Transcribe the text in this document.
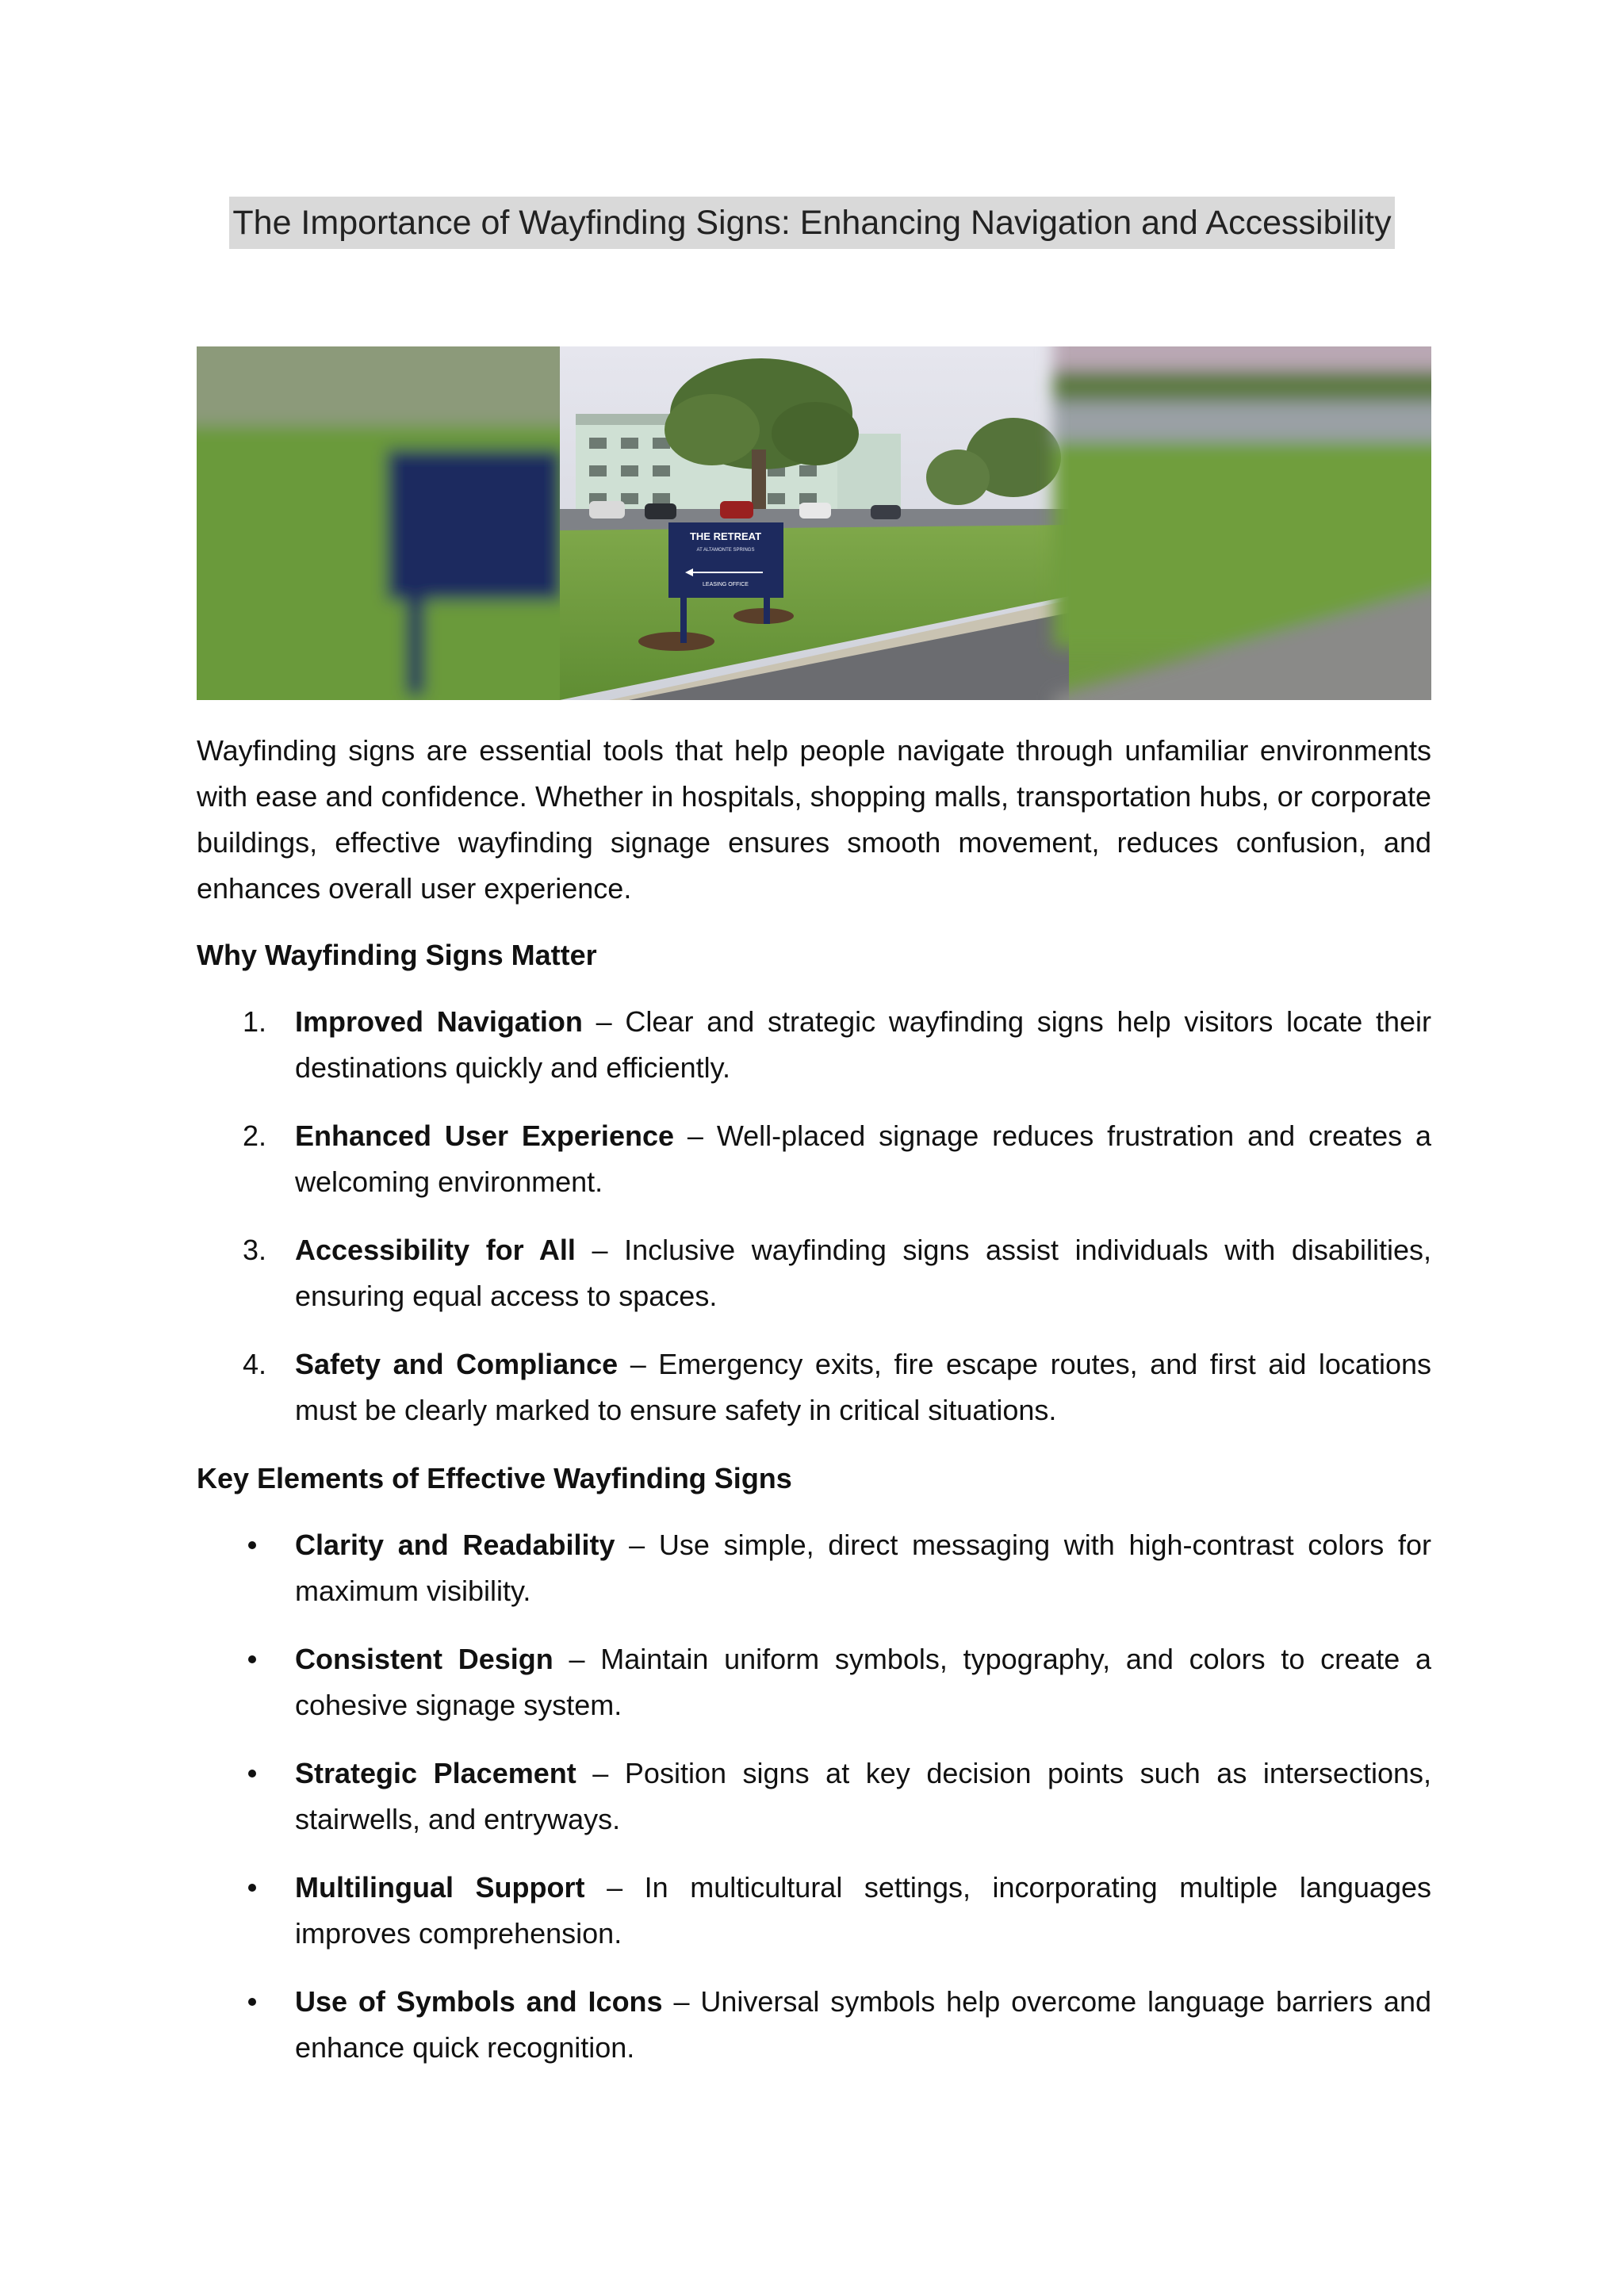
The Importance of Wayfinding Signs: Enhancing Navigation and Accessibility
THE RETREAT
AT ALTAMONTE SPRINGS
LEASING OFFICE

Wayfinding signs are essential tools that help people navigate through unfamiliar environments with ease and confidence. Whether in hospitals, shopping malls, transportation hubs, or corporate buildings, effective wayfinding signage ensures smooth movement, reduces confusion, and enhances overall user experience.

Why Wayfinding Signs Matter

1. Improved Navigation – Clear and strategic wayfinding signs help visitors locate their destinations quickly and efficiently.
2. Enhanced User Experience – Well-placed signage reduces frustration and creates a welcoming environment.
3. Accessibility for All – Inclusive wayfinding signs assist individuals with disabilities, ensuring equal access to spaces.
4. Safety and Compliance – Emergency exits, fire escape routes, and first aid locations must be clearly marked to ensure safety in critical situations.

Key Elements of Effective Wayfinding Signs

Clarity and Readability – Use simple, direct messaging with high-contrast colors for maximum visibility.
Consistent Design – Maintain uniform symbols, typography, and colors to create a cohesive signage system.
Strategic Placement – Position signs at key decision points such as intersections, stairwells, and entryways.
Multilingual Support – In multicultural settings, incorporating multiple languages improves comprehension.
Use of Symbols and Icons – Universal symbols help overcome language barriers and enhance quick recognition.
